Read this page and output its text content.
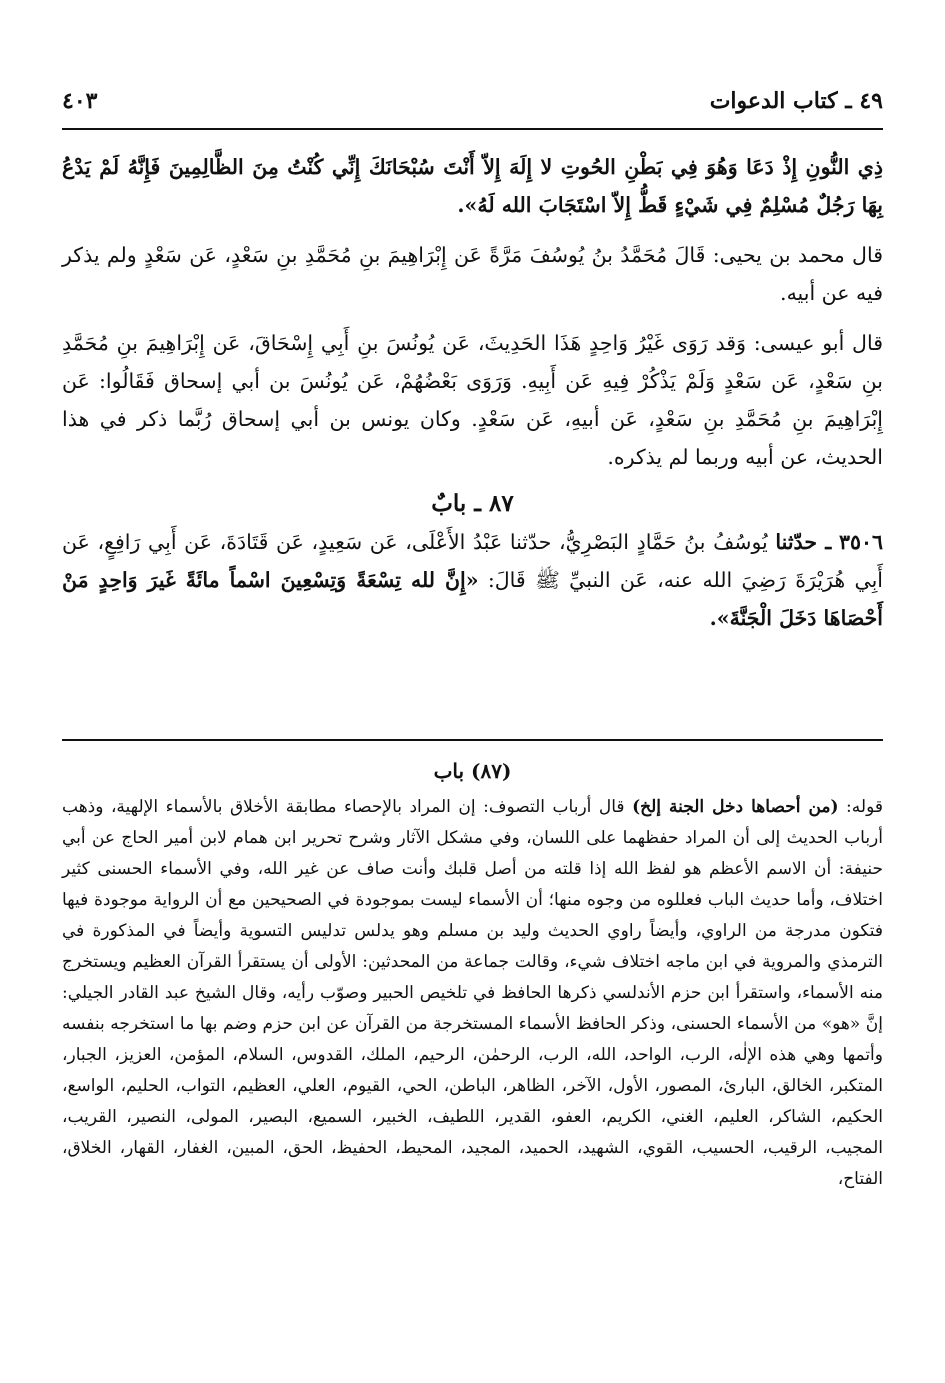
٤٩ ـ كتاب الدعوات
٤٠٣

ذِي النُّونِ إِذْ دَعَا وَهُوَ فِي بَطْنِ الحُوتِ لا إِلَهَ إِلاّ أَنْتَ سُبْحَانَكَ إِنِّي كُنْتُ مِنَ الظَّالِمِينَ فَإِنَّهُ لَمْ يَدْعُ بِهَا رَجُلٌ مُسْلِمٌ فِي شَيْءٍ قَطُّ إِلاّ اسْتَجَابَ الله لَهُ».

قال محمد بن يحيى: قَالَ مُحَمَّدُ بنُ يُوسُفَ مَرَّةً عَن إِبْرَاهِيمَ بنِ مُحَمَّدِ بنِ سَعْدٍ، عَن سَعْدٍ ولم يذكر فيه عن أبيه.

قال أبو عيسى: وَقد رَوَى غَيْرُ وَاحِدٍ هَذَا الحَدِيثَ، عَن يُونُسَ بنِ أَبِي إِسْحَاقَ، عَن إِبْرَاهِيمَ بنِ مُحَمَّدِ بنِ سَعْدٍ، عَن سَعْدٍ وَلَمْ يَذْكُرْ فِيهِ عَن أَبِيهِ. وَرَوَى بَعْضُهُمْ، عَن يُونُسَ بن أبي إسحاق فَقَالُوا: عَن إِبْرَاهِيمَ بنِ مُحَمَّدِ بنِ سَعْدٍ، عَن أبيهِ، عَن سَعْدٍ. وكان يونس بن أبي إسحاق رُبَّما ذكر في هذا الحديث، عن أبيه وربما لم يذكره.

٨٧ ـ بابٌ

٣٥٠٦ ـ حدّثنا يُوسُفُ بنُ حَمَّادٍ البَصْرِيُّ، حدّثنا عَبْدُ الأَعْلَى، عَن سَعِيدٍ، عَن قَتَادَةَ، عَن أَبِي رَافِعٍ، عَن أَبِي هُرَيْرَةَ رَضِيَ الله عنه، عَن النبيِّ ﷺ قَالَ: «إِنَّ لله تِسْعَةً وَتِسْعِينَ اسْماً مائَةً غَيرَ وَاحِدٍ مَنْ أَحْصَاهَا دَخَلَ الْجَنَّةَ».

(٨٧) باب

قوله: (من أحصاها دخل الجنة إلخ) قال أرباب التصوف: إن المراد بالإحصاء مطابقة الأخلاق بالأسماء الإلهية، وذهب أرباب الحديث إلى أن المراد حفظهما على اللسان، وفي مشكل الآثار وشرح تحرير ابن همام لابن أمير الحاج عن أبي حنيفة: أن الاسم الأعظم هو لفظ الله إذا قلته من أصل قلبك وأنت صاف عن غير الله، وفي الأسماء الحسنى كثير اختلاف، وأما حديث الباب فعللوه من وجوه منها؛ أن الأسماء ليست بموجودة في الصحيحين مع أن الرواية موجودة فيها فتكون مدرجة من الراوي، وأيضاً راوي الحديث وليد بن مسلم وهو يدلس تدليس التسوية وأيضاً في المذكورة في الترمذي والمروية في ابن ماجه اختلاف شيء، وقالت جماعة من المحدثين: الأولى أن يستقرأ القرآن العظيم ويستخرج منه الأسماء، واستقرأ ابن حزم الأندلسي ذكرها الحافظ في تلخيص الحبير وصوّب رأيه، وقال الشيخ عبد القادر الجيلي: إنَّ «هو» من الأسماء الحسنى، وذكر الحافظ الأسماء المستخرجة من القرآن عن ابن حزم وضم بها ما استخرجه بنفسه وأتمها وهي هذه الإلٰه، الرب، الواحد، الله، الرب، الرحمٰن، الرحيم، الملك، القدوس، السلام، المؤمن، العزيز، الجبار، المتكبر، الخالق، البارئ، المصور، الأول، الآخر، الظاهر، الباطن، الحي، القيوم، العلي، العظيم، التواب، الحليم، الواسع، الحكيم، الشاكر، العليم، الغني، الكريم، العفو، القدير، اللطيف، الخبير، السميع، البصير، المولى، النصير، القريب، المجيب، الرقيب، الحسيب، القوي، الشهيد، الحميد، المجيد، المحيط، الحفيظ، الحق، المبين، الغفار، القهار، الخلاق، الفتاح،
